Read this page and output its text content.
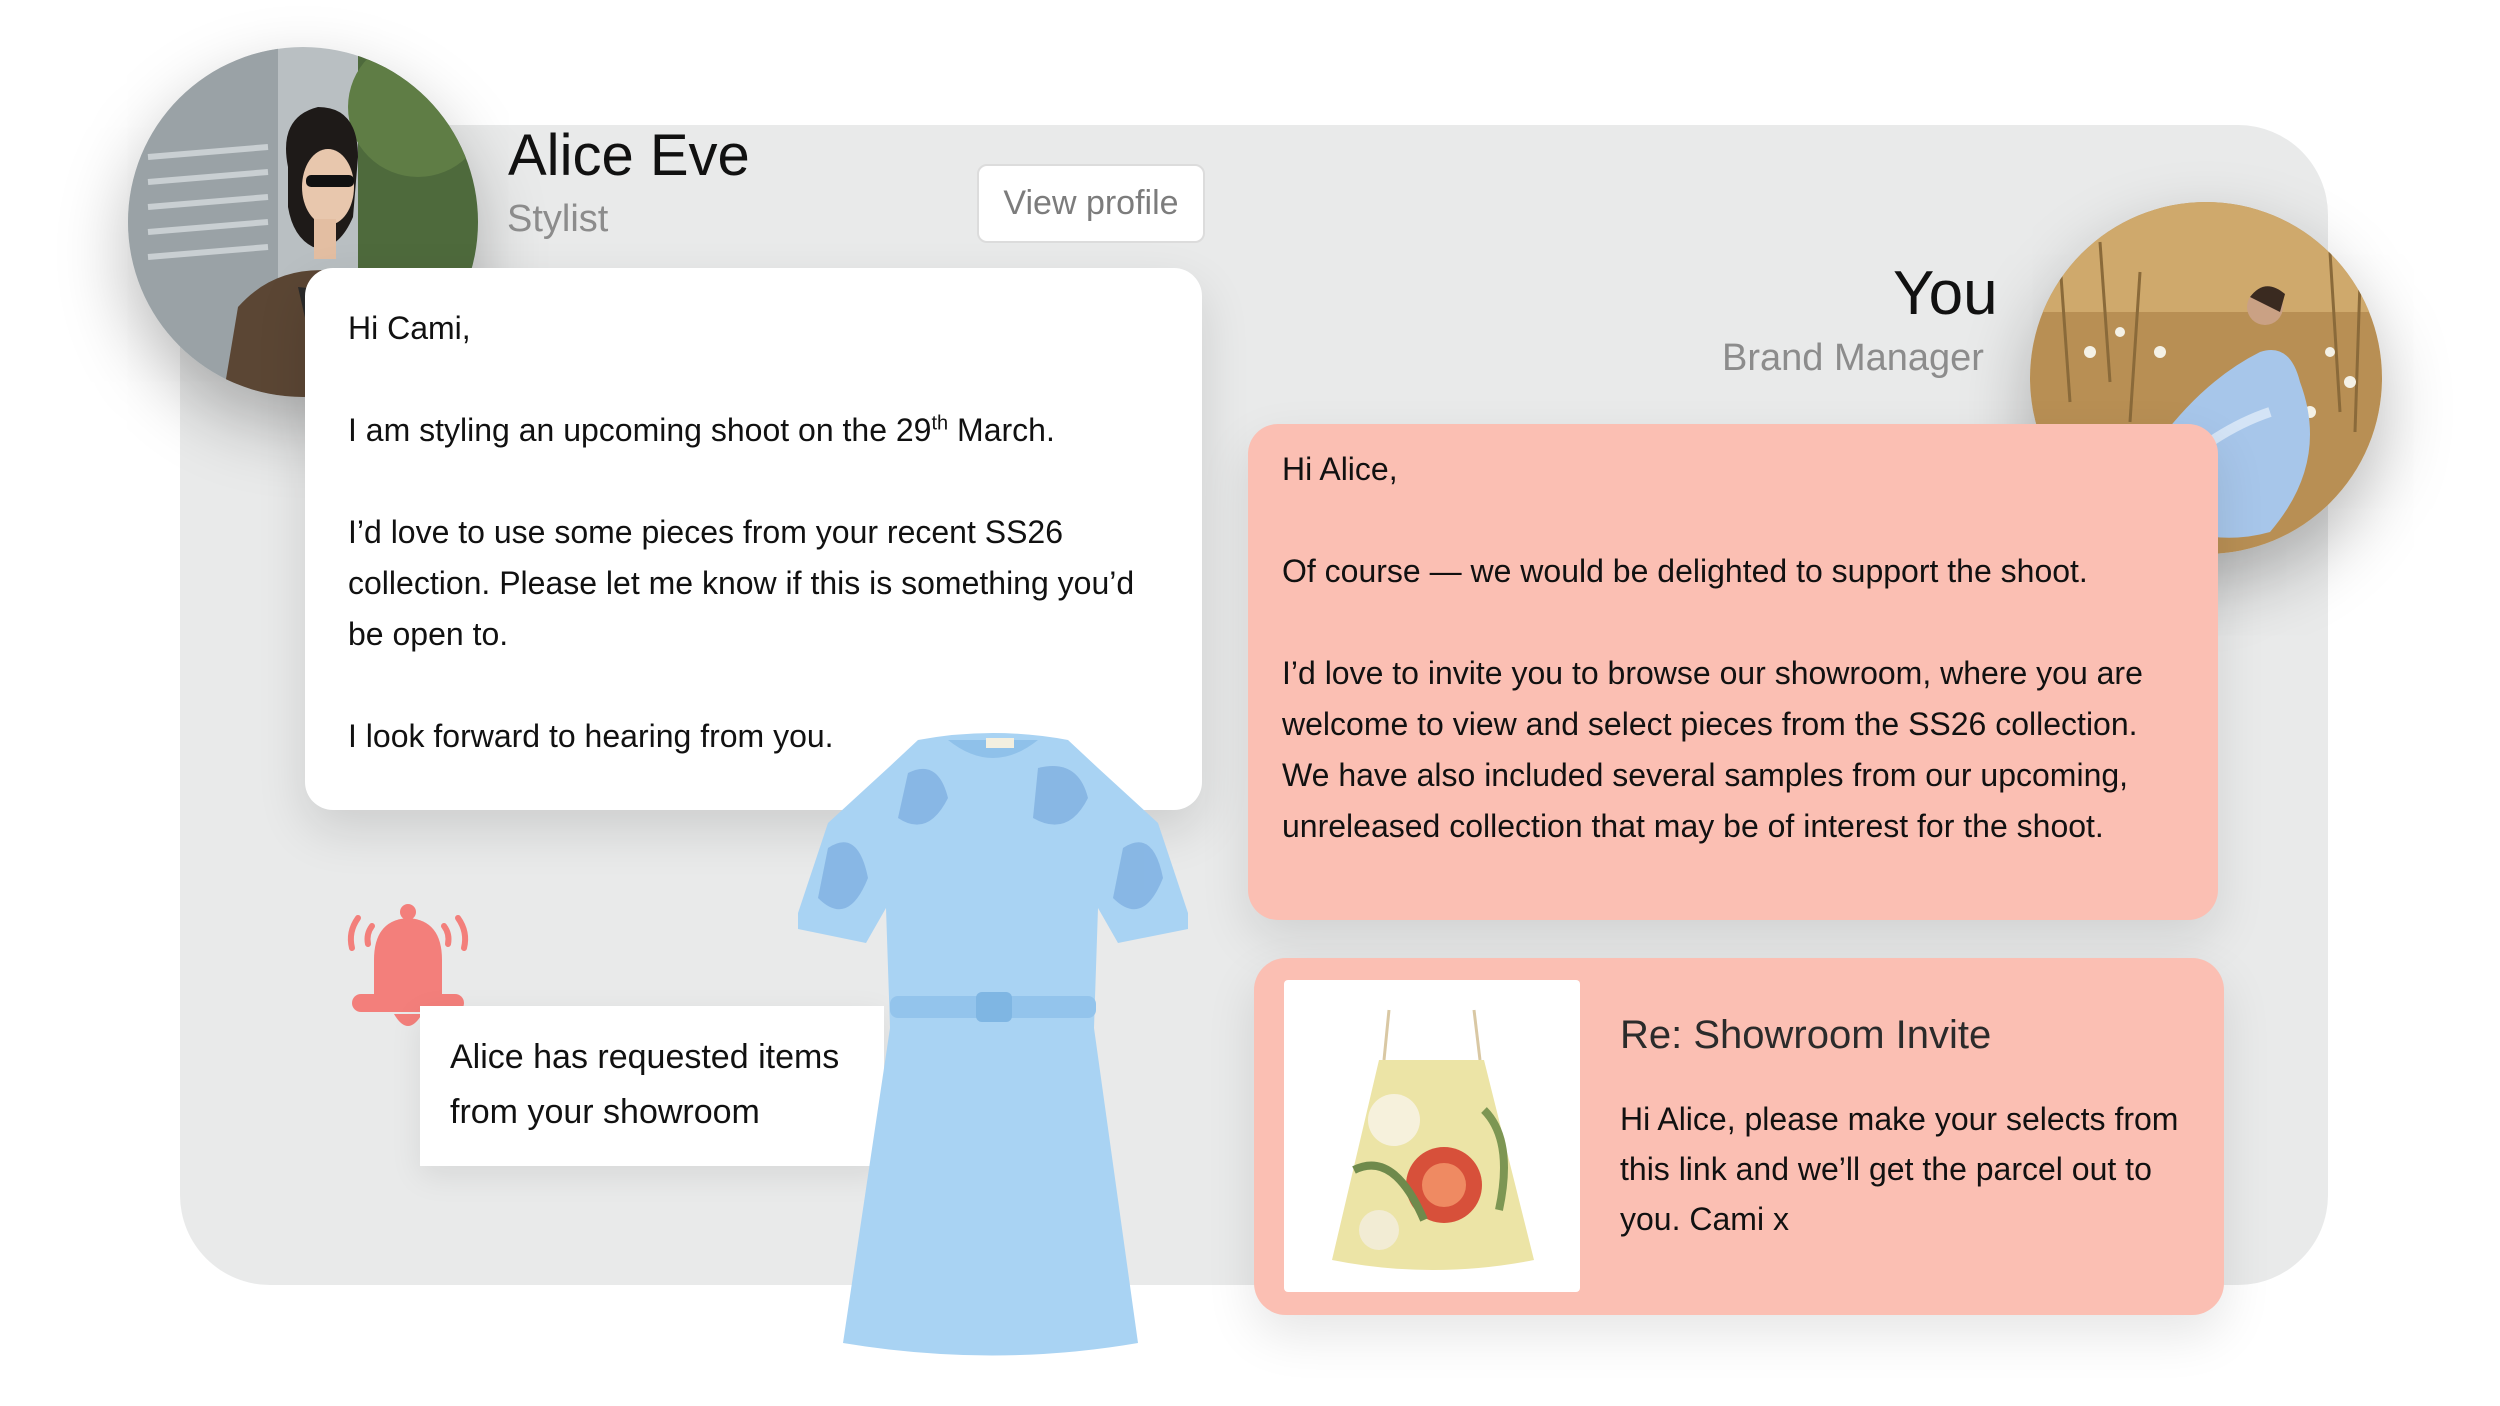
Alice Eve
Stylist	View profile
You
Brand Manager

Hi Cami,

I am styling an upcoming shoot on the 29th March.

I’d love to use some pieces from your recent SS26 collection. Please let me know if this is something you’d be open to.

I look forward to hearing from you.

Hi Alice,

Of course — we would be delighted to support the shoot.

I’d love to invite you to browse our showroom, where you are welcome to view and select pieces from the SS26 collection. We have also included several samples from our upcoming, unreleased collection that may be of interest for the shoot.

Re: Showroom Invite
Hi Alice, please make your selects from this link and we’ll get the parcel out to you. Cami x
Alice has requested items
from your showroom
